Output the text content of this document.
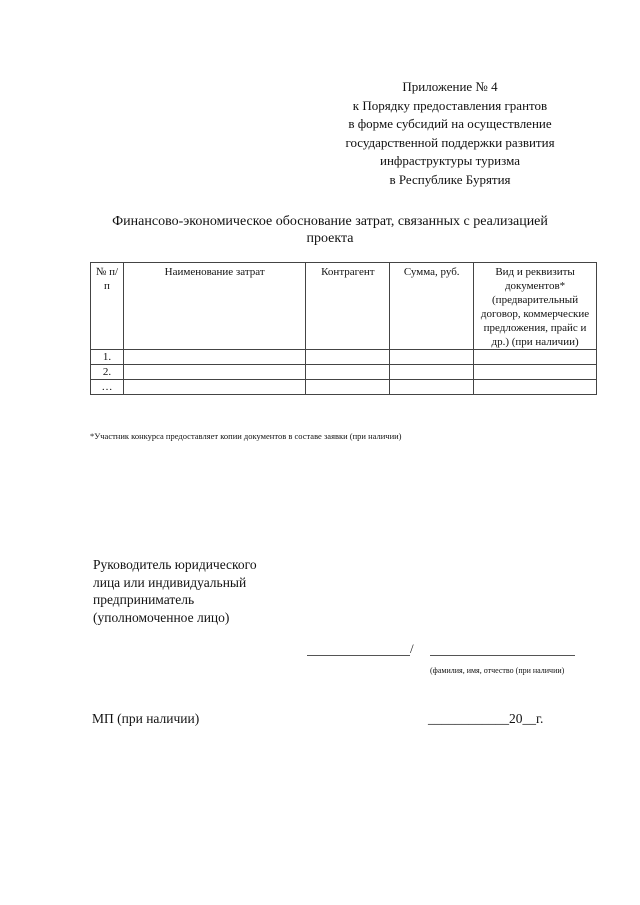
Приложение № 4
к Порядку предоставления грантов
в форме субсидий на осуществление
государственной поддержки развития
инфраструктуры туризма
в Республике Бурятия
Финансово-экономическое обоснование затрат, связанных с реализацией
проекта
№ п/п	Наименование затрат	Контрагент	Сумма, руб.	Вид и реквизиты документов* (предварительный договор, коммерческие предложения, прайс и др.) (при наличии)
1.				
2.				
…				
*Участник конкурса предоставляет копии документов в составе заявки (при наличии)
Руководитель юридического
лица или индивидуальный
предприниматель
(уполномоченное лицо)
/
(фамилия, имя, отчество (при наличии)
МП (при наличии)	____________20__г.
